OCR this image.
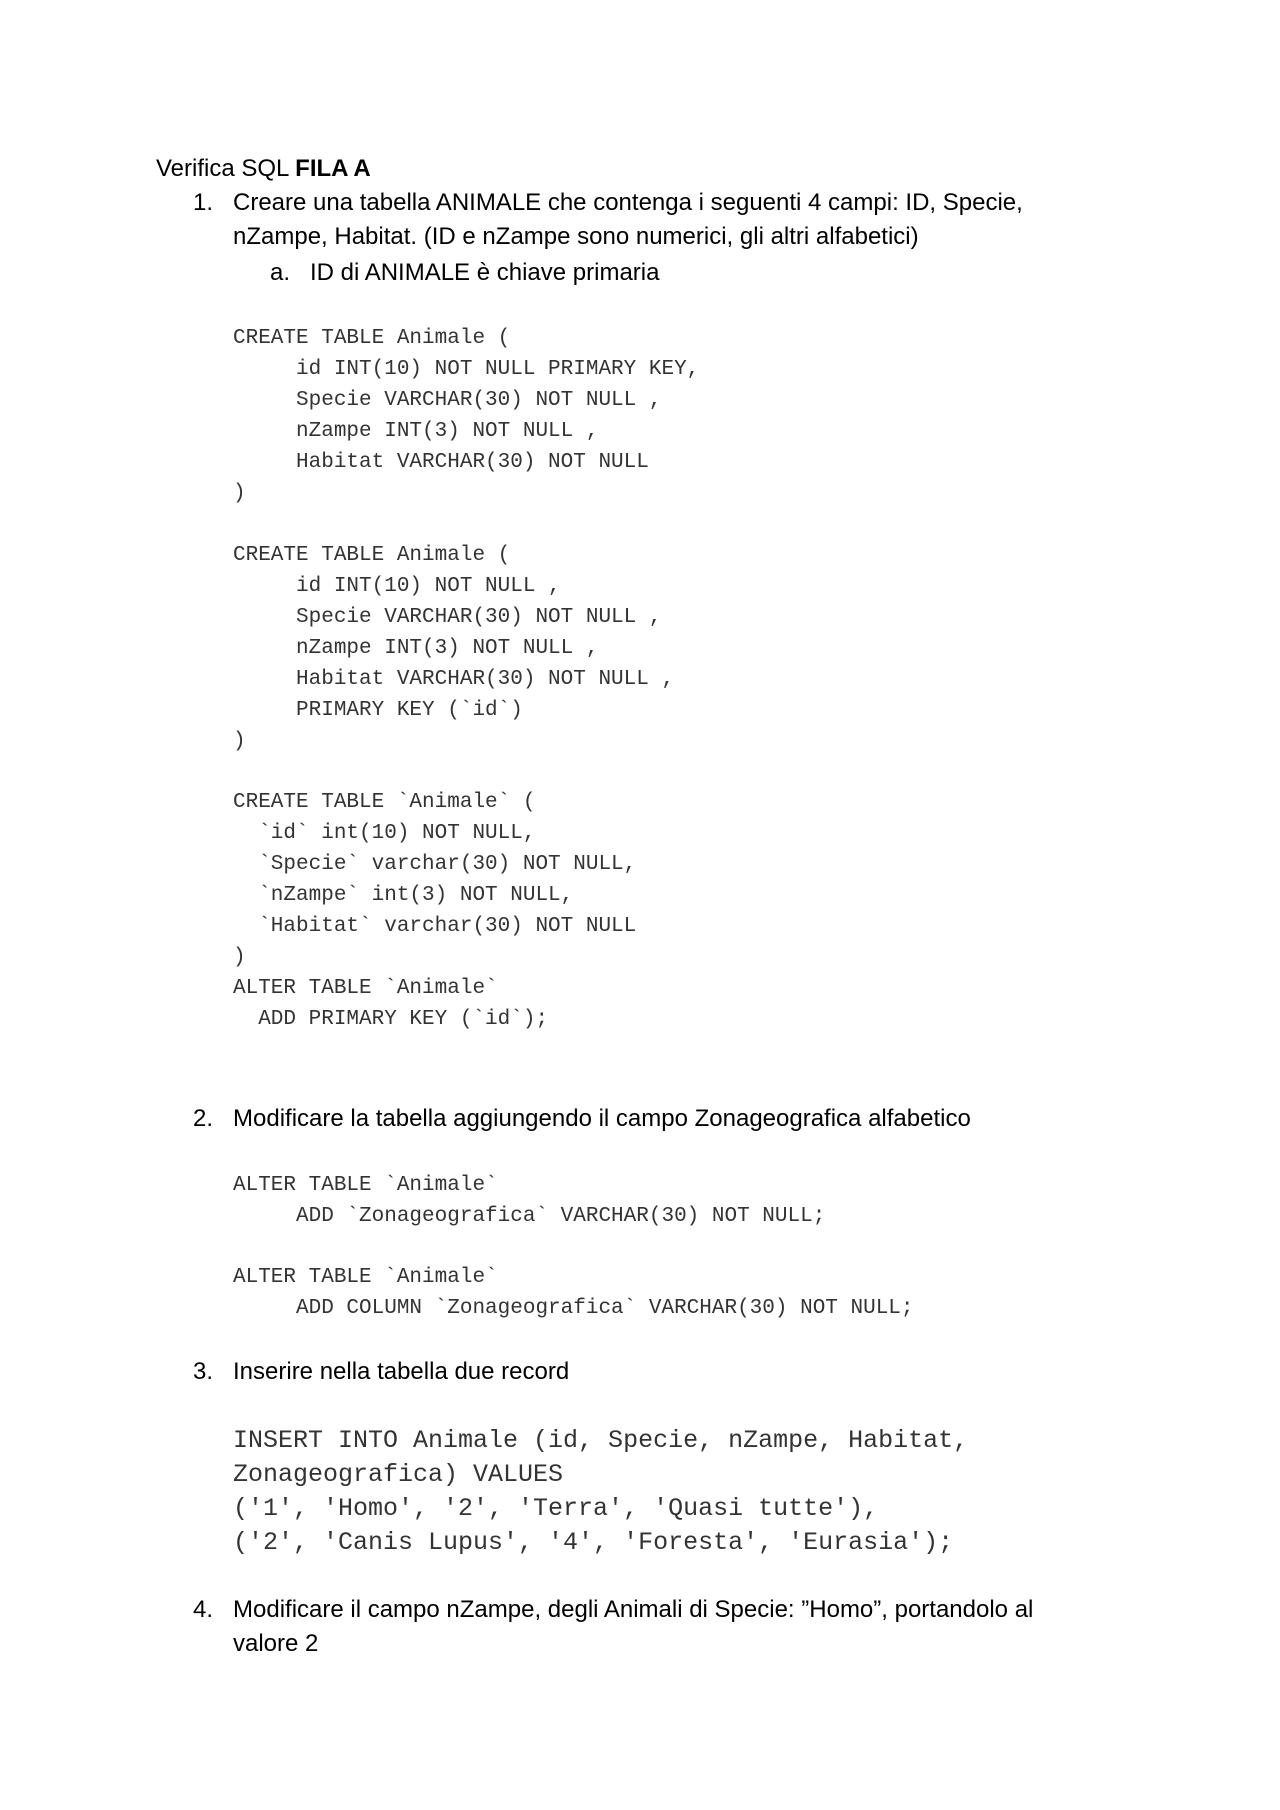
Verifica SQL FILA A
1. Creare una tabella ANIMALE che contenga i seguenti 4 campi: ID, Specie,
nZampe, Habitat. (ID e nZampe sono numerici, gli altri alfabetici)
a. ID di ANIMALE è chiave primaria
CREATE TABLE Animale (
id INT(10) NOT NULL PRIMARY KEY,
Specie VARCHAR(30) NOT NULL ,
nZampe INT(3) NOT NULL ,
Habitat VARCHAR(30) NOT NULL
)
CREATE TABLE Animale (
id INT(10) NOT NULL ,
Specie VARCHAR(30) NOT NULL ,
nZampe INT(3) NOT NULL ,
Habitat VARCHAR(30) NOT NULL ,
PRIMARY KEY (`id`)
)
CREATE TABLE `Animale` (
`id` int(10) NOT NULL,
`Specie` varchar(30) NOT NULL,
`nZampe` int(3) NOT NULL,
`Habitat` varchar(30) NOT NULL
)
ALTER TABLE `Animale`
ADD PRIMARY KEY (`id`);
2. Modificare la tabella aggiungendo il campo Zonageografica alfabetico
ALTER TABLE `Animale`
ADD `Zonageografica` VARCHAR(30) NOT NULL;
ALTER TABLE `Animale`
ADD COLUMN `Zonageografica` VARCHAR(30) NOT NULL;
3. Inserire nella tabella due record
INSERT INTO Animale (id, Specie, nZampe, Habitat,
Zonageografica) VALUES
('1', 'Homo', '2', 'Terra', 'Quasi tutte'),
('2', 'Canis Lupus', '4', 'Foresta', 'Eurasia');
4. Modificare il campo nZampe, degli Animali di Specie: ”Homo”, portandolo al
valore 2
